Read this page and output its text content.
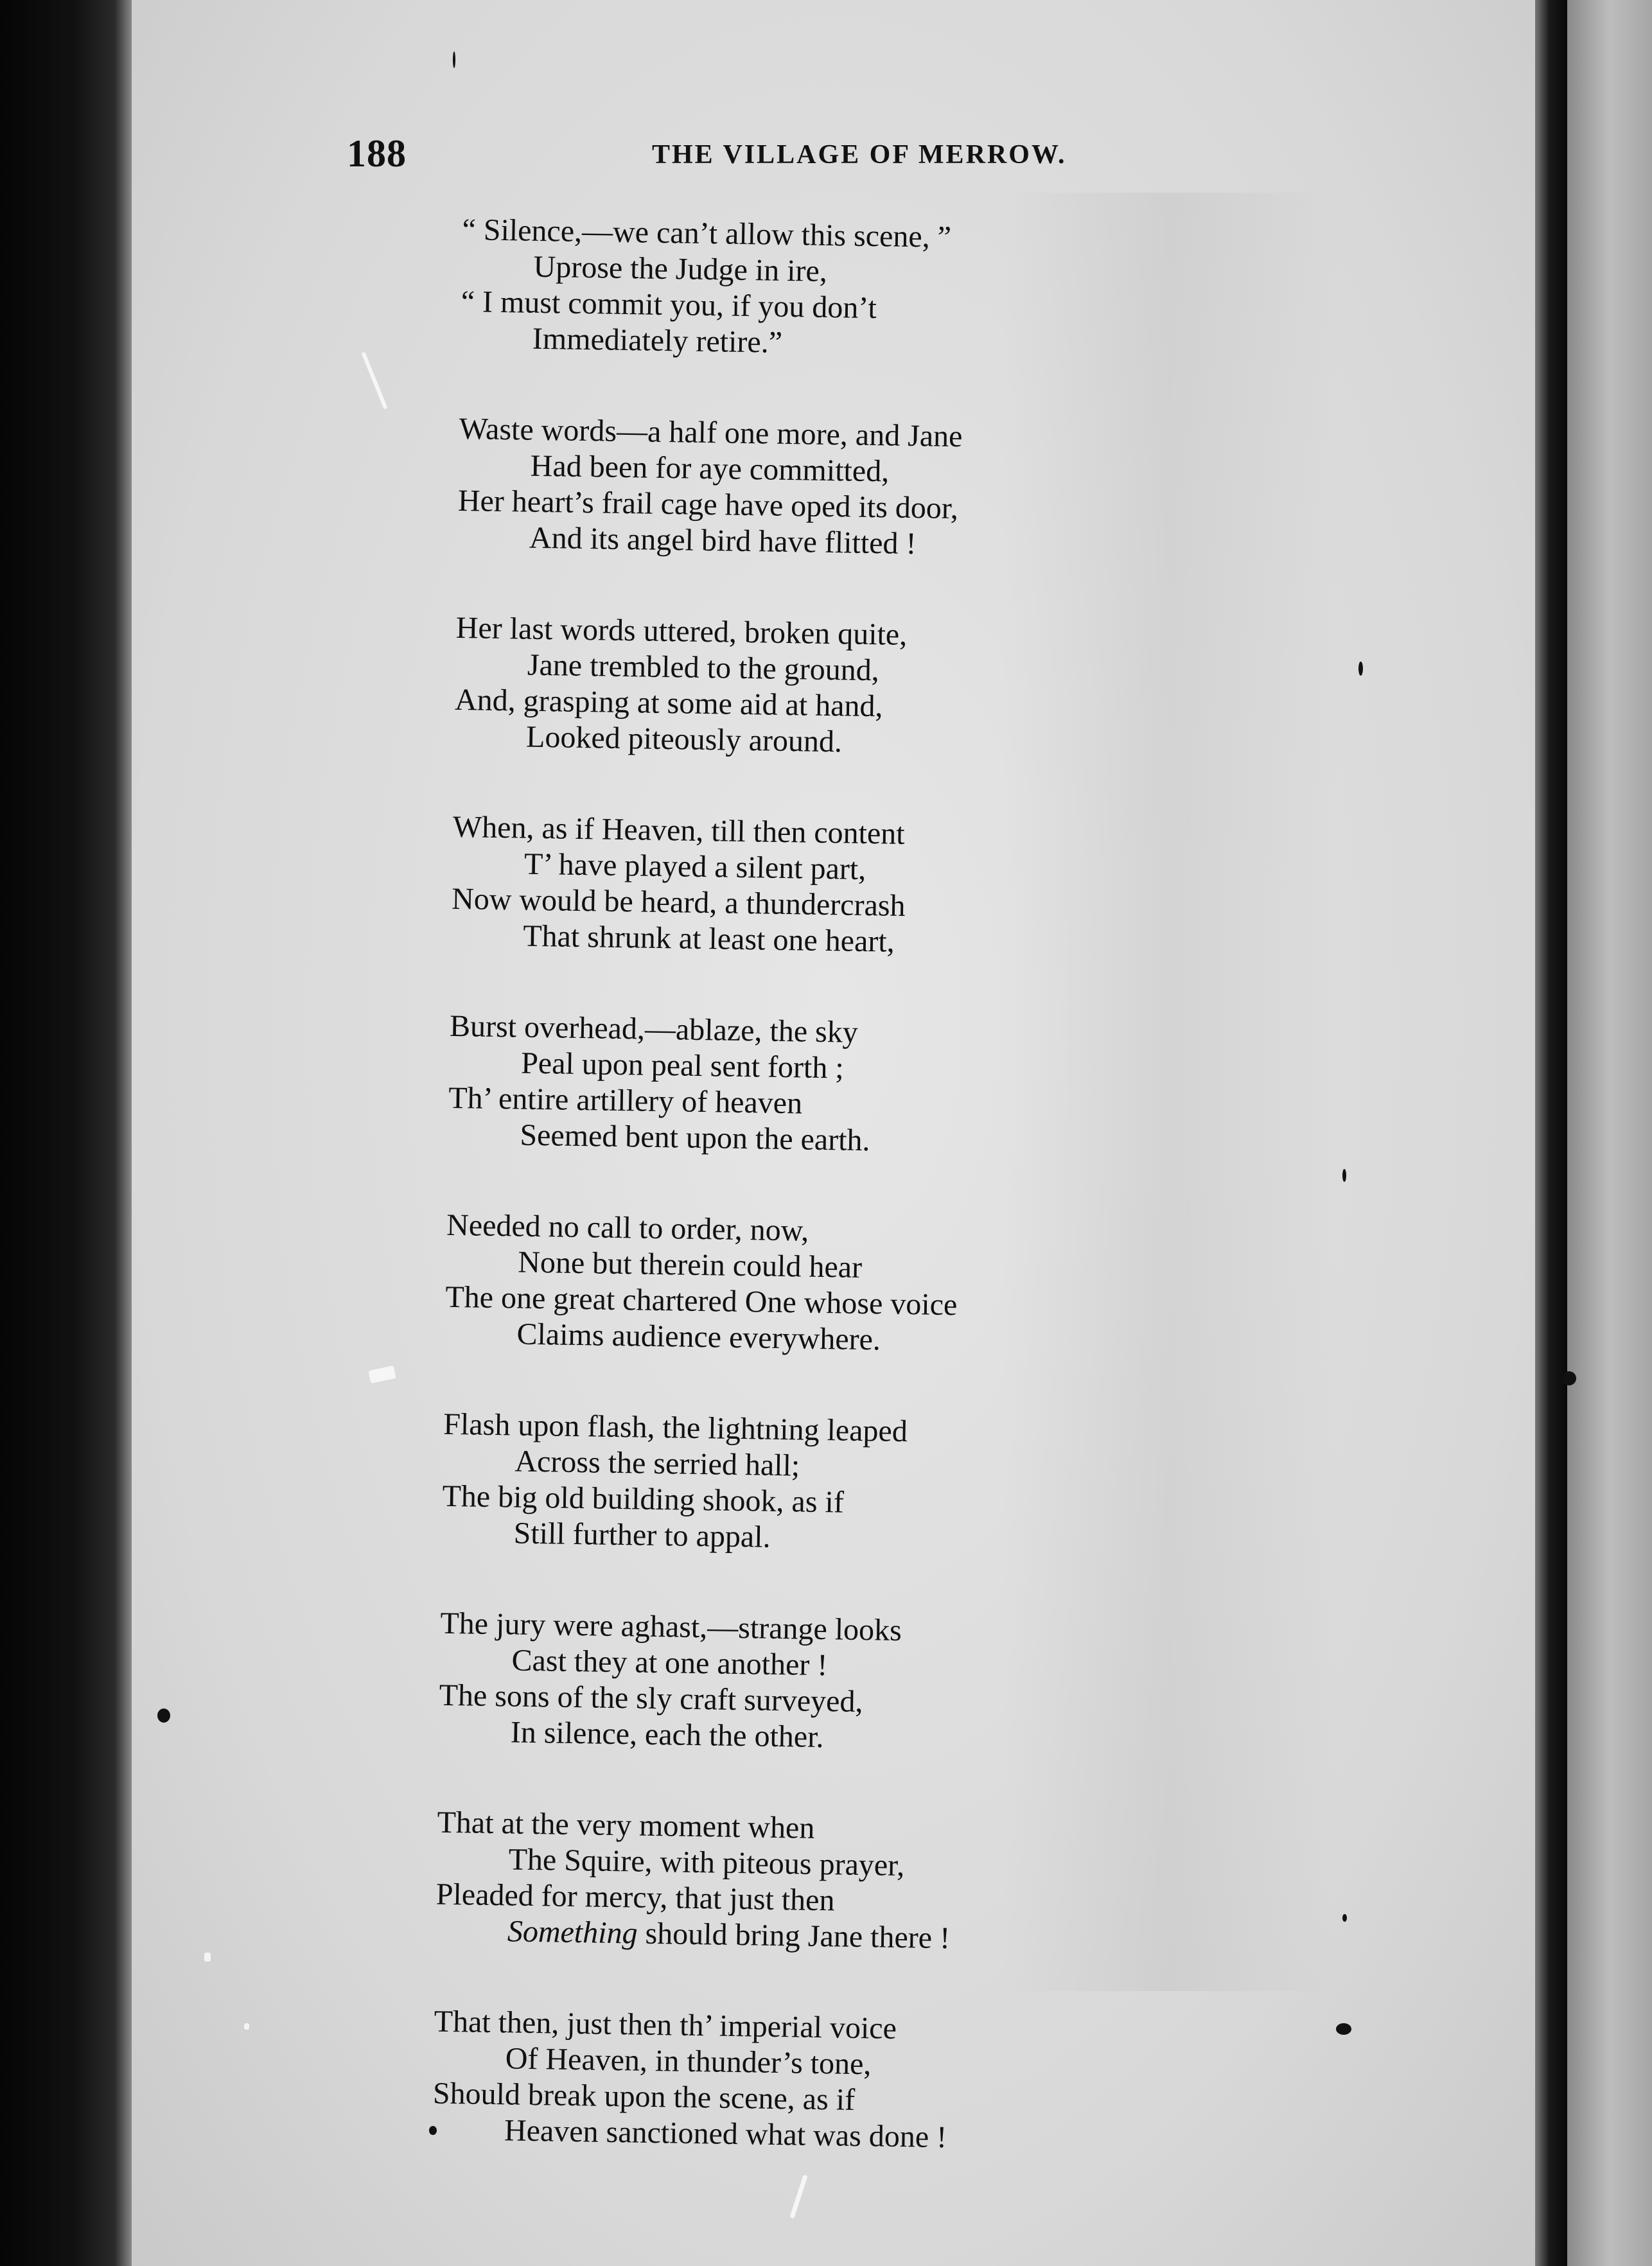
188	THE VILLAGE OF MERROW.
“ Silence,—we can’t allow this scene, ”
Uprose the Judge in ire,
“ I must commit you, if you don’t
Immediately retire.”
Waste words—a half one more, and Jane
Had been for aye committed,
Her heart’s frail cage have oped its door,
And its angel bird have flitted !
Her last words uttered, broken quite,
Jane trembled to the ground,
And, grasping at some aid at hand,
Looked piteously around.
When, as if Heaven, till then content
T’ have played a silent part,
Now would be heard, a thundercrash
That shrunk at least one heart,
Burst overhead,—ablaze, the sky
Peal upon peal sent forth ;
Th’ entire artillery of heaven
Seemed bent upon the earth.
Needed no call to order, now,
None but therein could hear
The one great chartered One whose voice
Claims audience everywhere.
Flash upon flash, the lightning leaped
Across the serried hall;
The big old building shook, as if
Still further to appal.
The jury were aghast,—strange looks
Cast they at one another !
The sons of the sly craft surveyed,
In silence, each the other.
That at the very moment when
The Squire, with piteous prayer,
Pleaded for mercy, that just then
Something should bring Jane there !
That then, just then th’ imperial voice
Of Heaven, in thunder’s tone,
Should break upon the scene, as if
Heaven sanctioned what was done !
